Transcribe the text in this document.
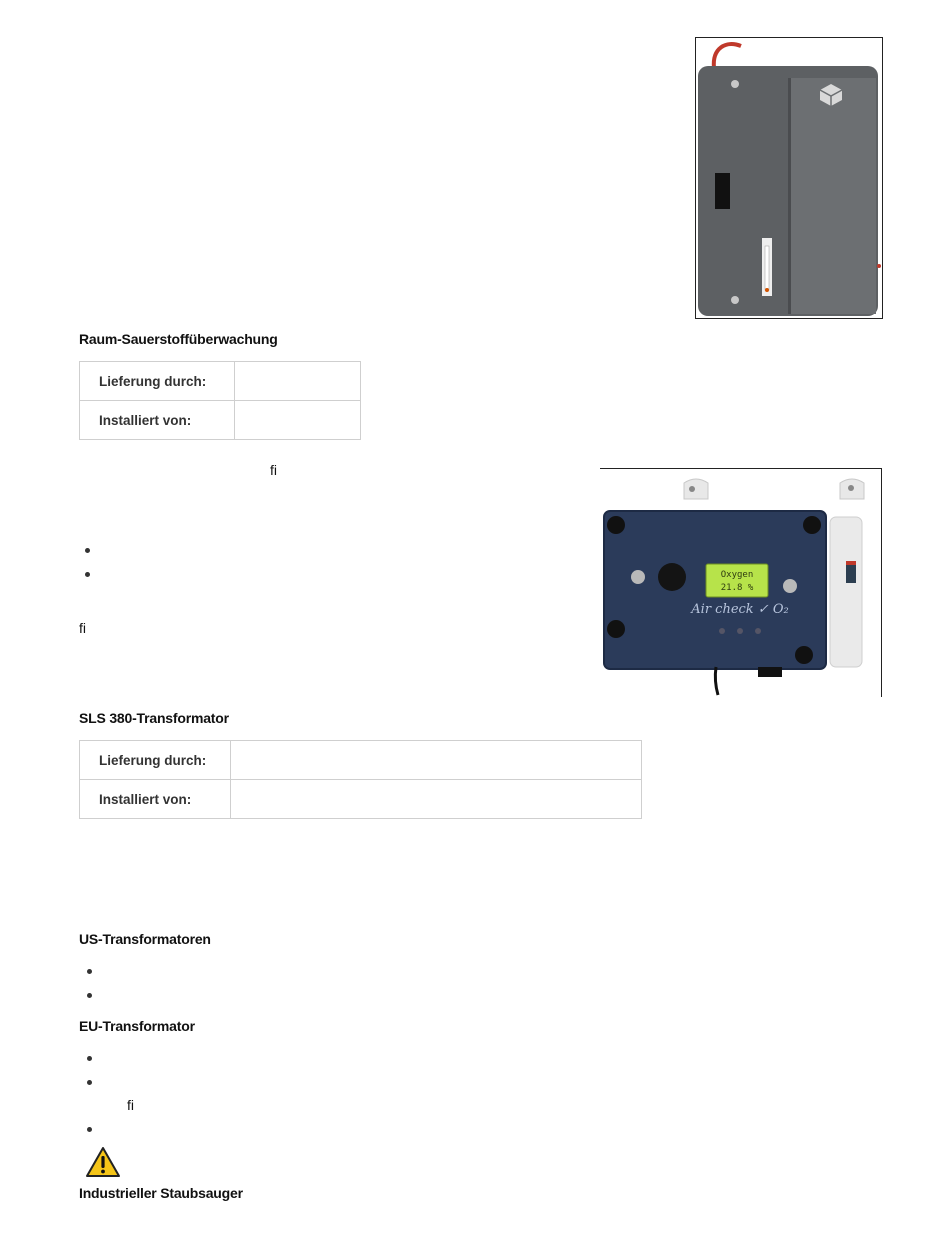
Raum-Sauerstoffüberwachung
Lieferung durch:	
Installiert von:	
ﬁ
Oxygen
21.8 %
Air check ✓ O₂
ﬁ
SLS 380-Transformator
Lieferung durch:	
Installiert von:	
US-Transformatoren
EU-Transformator
ﬁ
Industrieller Staubsauger
